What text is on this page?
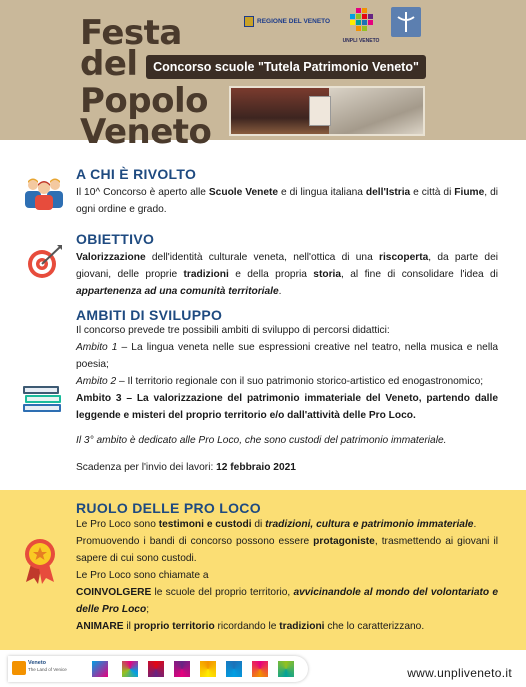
Festa
del
Popolo
Veneto
Concorso scuole "Tutela Patrimonio Veneto"
REGIONE DEL VENETO
UNPLI VENETO
A CHI È RIVOLTO

Il 10^ Concorso è aperto alle Scuole Venete e di lingua italiana dell'Istria e città di Fiume, di ogni ordine e grado.

OBIETTIVO

Valorizzazione dell'identità culturale veneta, nell'ottica di una riscoperta, da parte dei giovani, delle proprie tradizioni e della propria storia, al fine di consolidare l'idea di appartenenza ad una comunità territoriale.

AMBITI DI SVILUPPO

Il concorso prevede tre possibili ambiti di sviluppo di percorsi didattici:

Ambito 1 – La lingua veneta nelle sue espressioni creative nel teatro, nella musica e nella poesia;

Ambito 2 – Il territorio regionale con il suo patrimonio storico-artistico ed enogastronomico;

Ambito 3 – La valorizzazione del patrimonio immateriale del Veneto, partendo dalle leggende e misteri del proprio territorio e/o dall'attività delle Pro Loco.

Il 3° ambito è dedicato alle Pro Loco, che sono custodi del patrimonio immateriale.

Scadenza per l'invio dei lavori: 12 febbraio 2021

RUOLO DELLE PRO LOCO

Le Pro Loco sono testimoni e custodi di tradizioni, cultura e patrimonio immateriale.

Promuovendo i bandi di concorso possono essere protagoniste, trasmettendo ai giovani il sapere di cui sono custodi.

Le Pro Loco sono chiamate a

COINVOLGERE le scuole del proprio territorio, avvicinandole al mondo del volontariato e delle Pro Loco;

ANIMARE il proprio territorio ricordando le tradizioni che lo caratterizzano.

Veneto
The Land of Venice	www.unpliveneto.it
